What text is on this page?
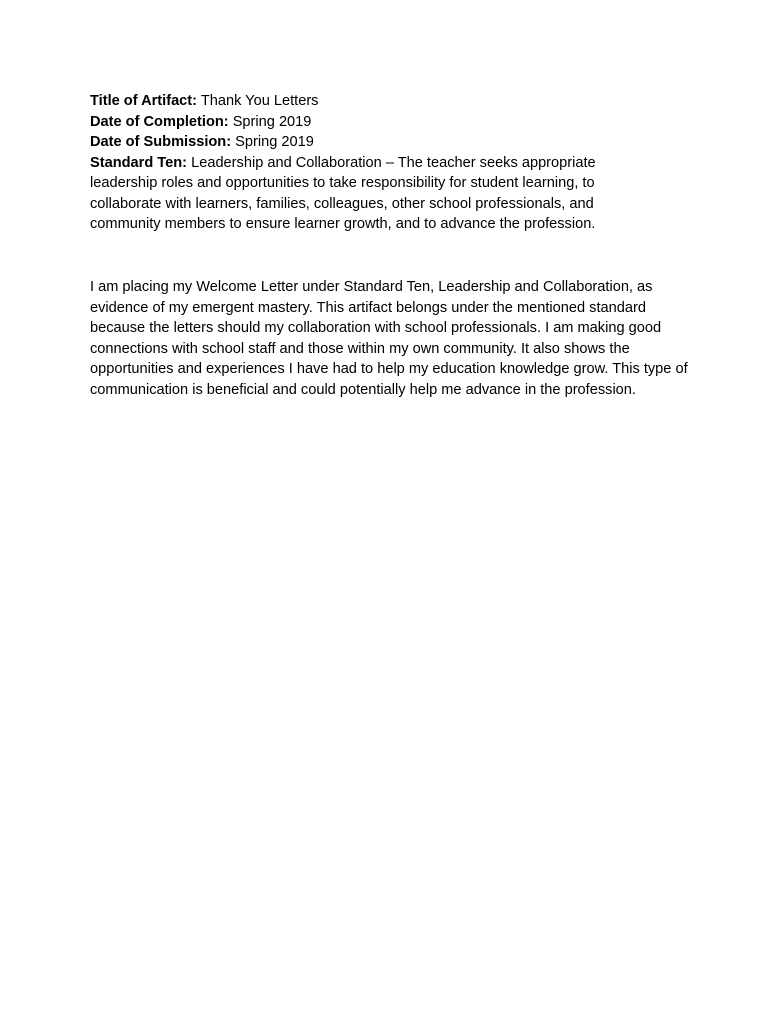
Title of Artifact: Thank You Letters

Date of Completion: Spring 2019

Date of Submission: Spring 2019

Standard Ten: Leadership and Collaboration – The teacher seeks appropriate leadership roles and opportunities to take responsibility for student learning, to collaborate with learners, families, colleagues, other school professionals, and community members to ensure learner growth, and to advance the profession.

I am placing my Welcome Letter under Standard Ten, Leadership and Collaboration, as evidence of my emergent mastery. This artifact belongs under the mentioned standard because the letters should my collaboration with school professionals. I am making good connections with school staff and those within my own community. It also shows the opportunities and experiences I have had to help my education knowledge grow. This type of communication is beneficial and could potentially help me advance in the profession.
